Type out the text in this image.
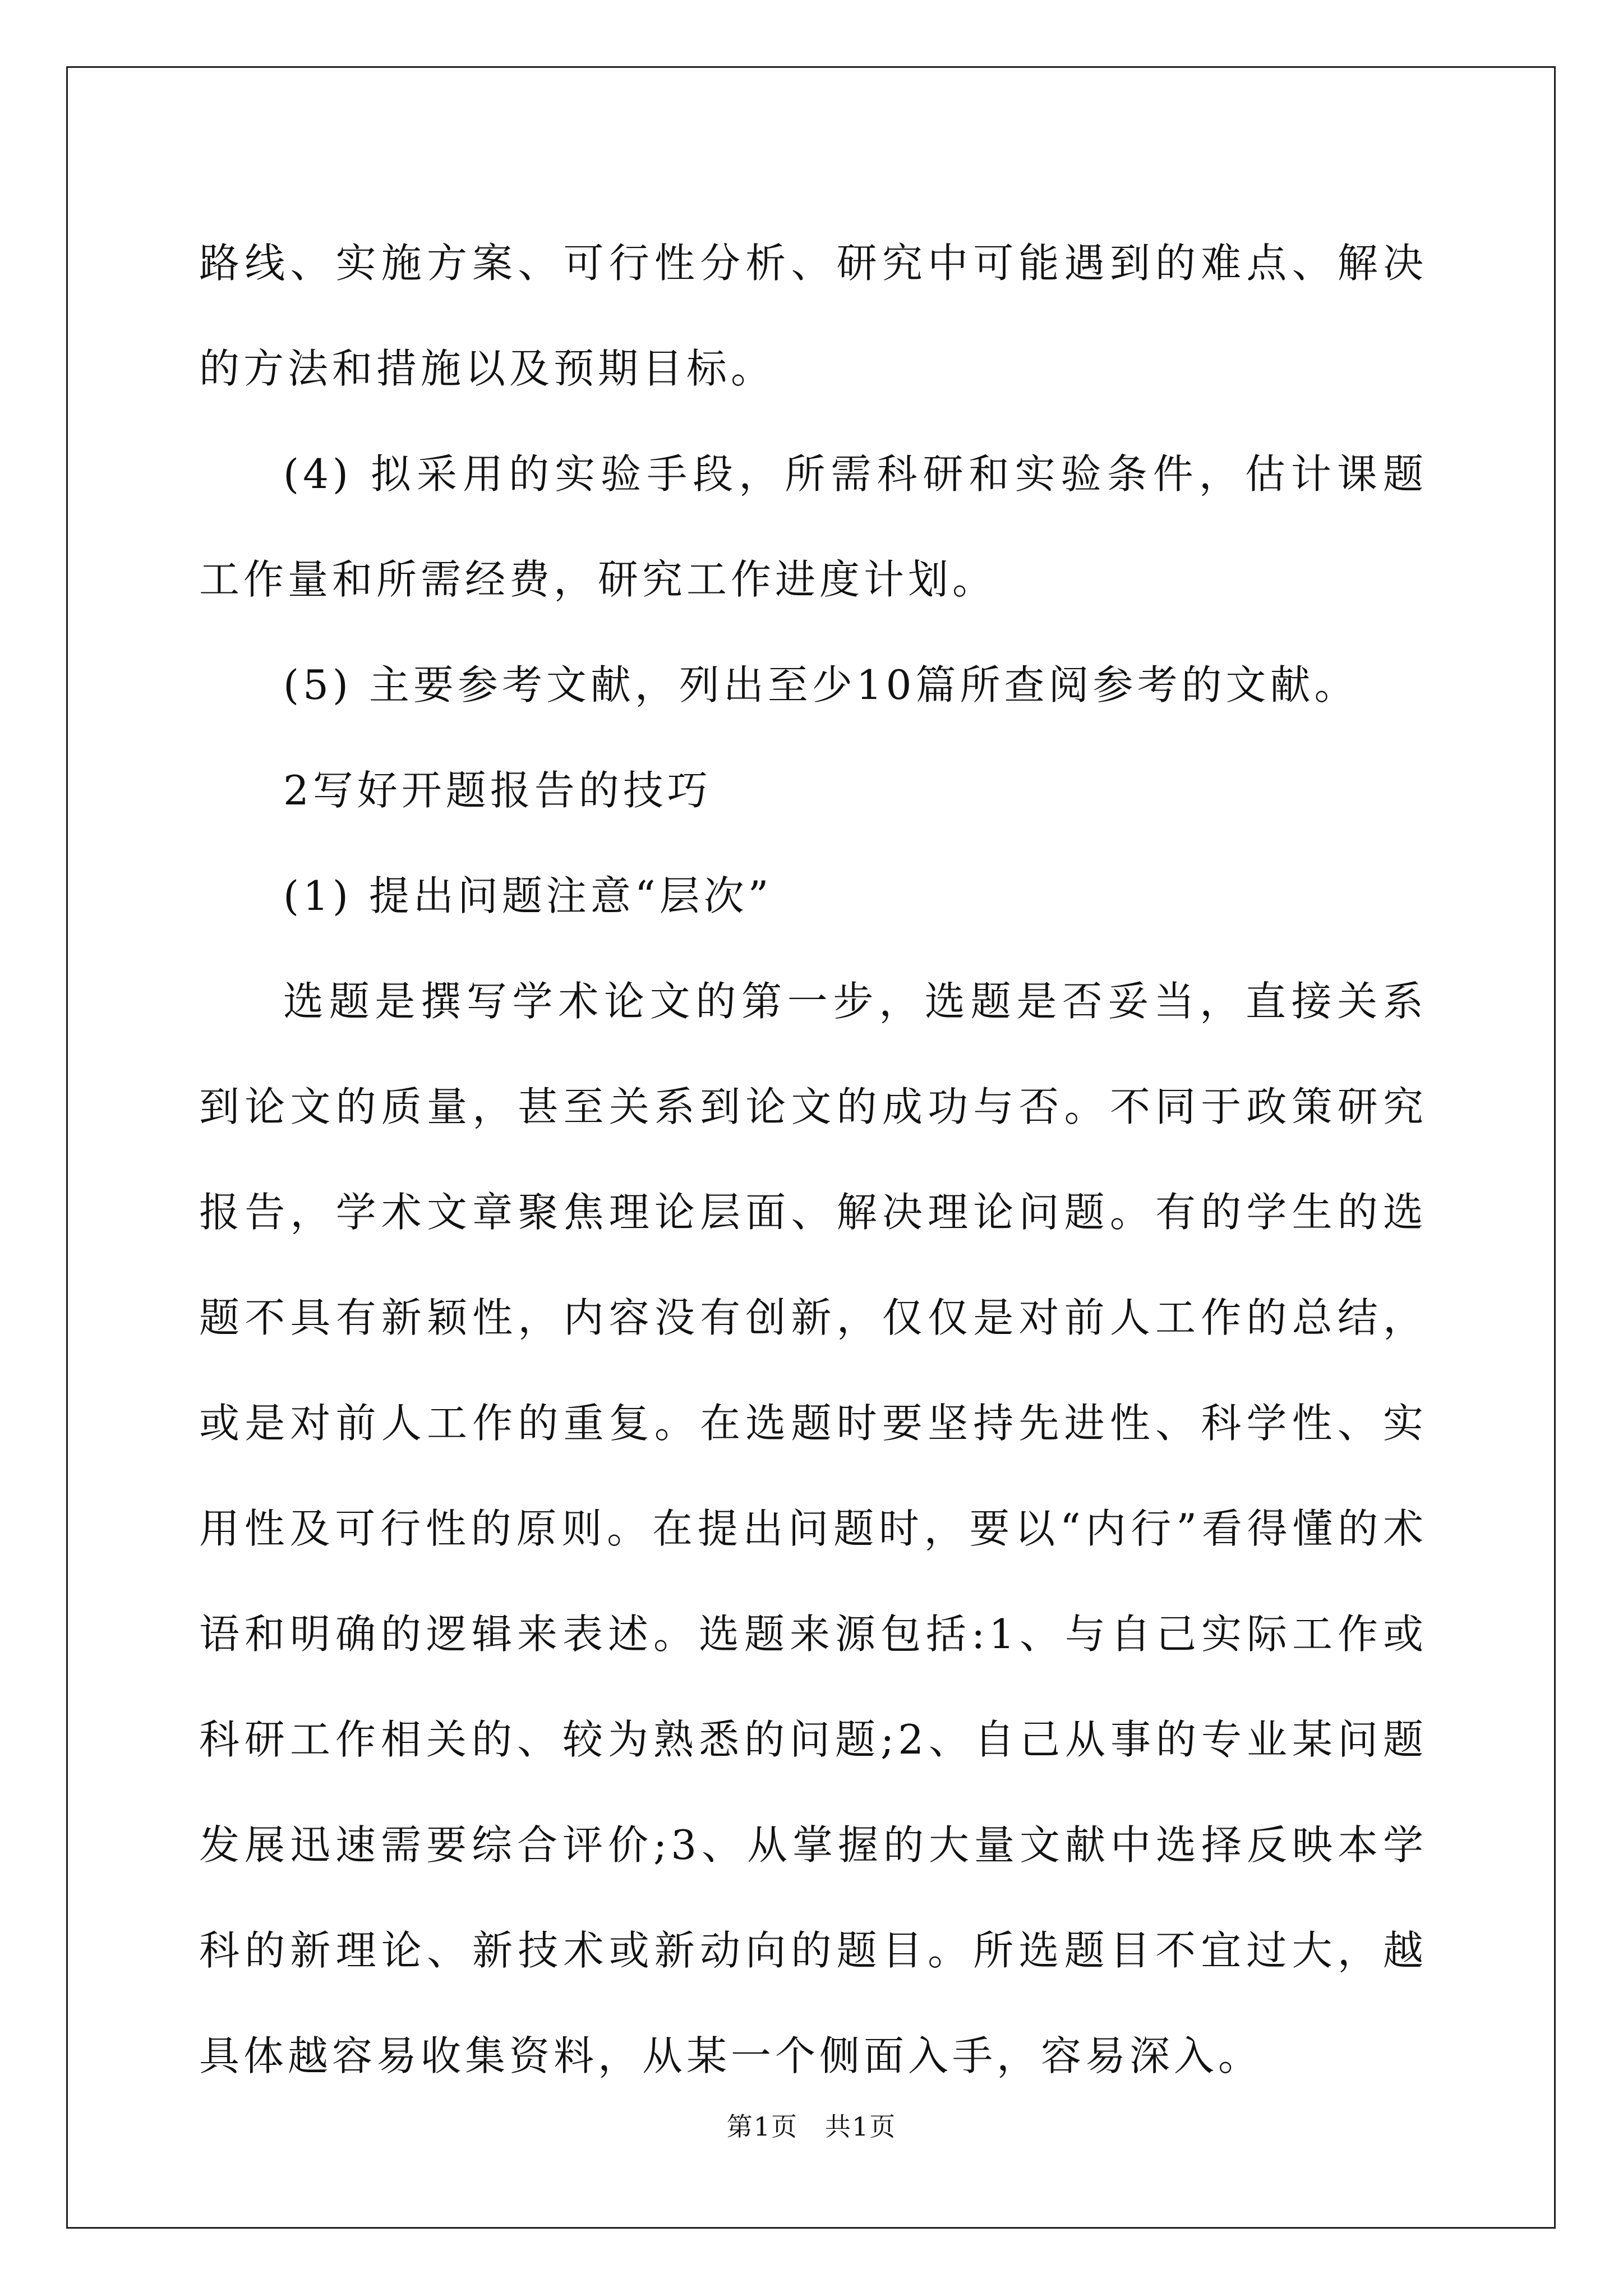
路线、实施方案、可行性分析、研究中可能遇到的难点、解决的方法和措施以及预期目标。

(4) 拟采用的实验手段，所需科研和实验条件，估计课题工作量和所需经费，研究工作进度计划。

(5) 主要参考文献，列出至少10篇所查阅参考的文献。

2写好开题报告的技巧

(1) 提出问题注意“层次”

选题是撰写学术论文的第一步，选题是否妥当，直接关系到论文的质量，甚至关系到论文的成功与否。不同于政策研究报告，学术文章聚焦理论层面、解决理论问题。有的学生的选题不具有新颖性，内容没有创新，仅仅是对前人工作的总结，或是对前人工作的重复。在选题时要坚持先进性、科学性、实用性及可行性的原则。在提出问题时，要以“内行”看得懂的术语和明确的逻辑来表述。选题来源包括:1、与自己实际工作或科研工作相关的、较为熟悉的问题;2、自己从事的专业某问题发展迅速需要综合评价;3、从掌握的大量文献中选择反映本学科的新理论、新技术或新动向的题目。所选题目不宜过大，越具体越容易收集资料，从某一个侧面入手，容易深入。

第1页 共1页
